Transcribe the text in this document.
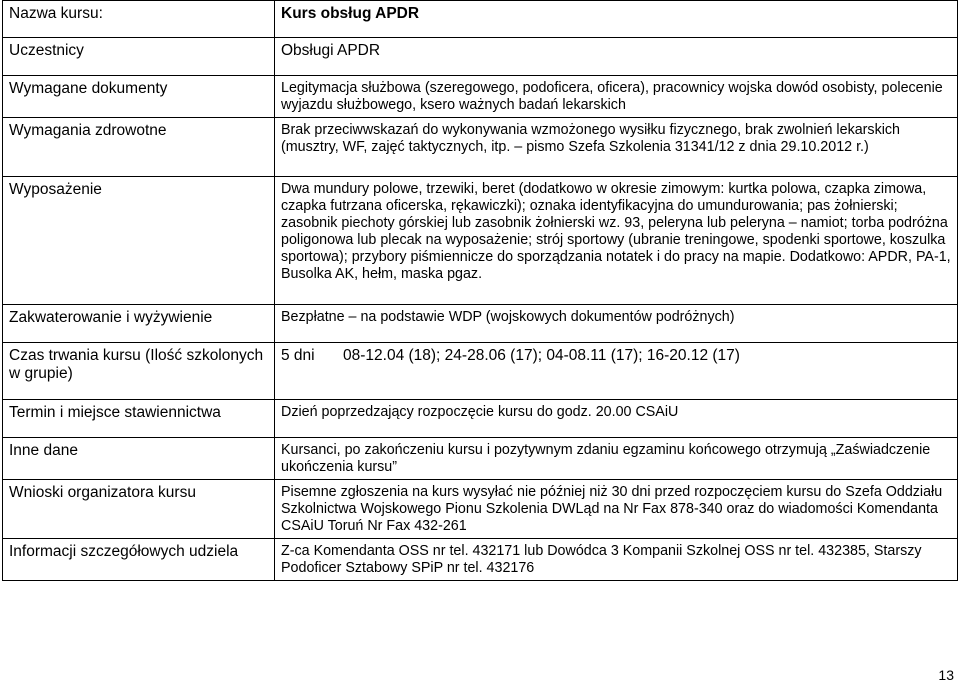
Nazwa kursu:	Kurs obsług APDR
Uczestnicy	Obsługi APDR
Wymagane dokumenty	Legitymacja służbowa (szeregowego, podoficera, oficera), pracownicy wojska dowód osobisty, polecenie wyjazdu służbowego, ksero ważnych badań lekarskich
Wymagania zdrowotne	Brak przeciwwskazań do wykonywania wzmożonego wysiłku fizycznego, brak zwolnień lekarskich (musztry, WF, zajęć taktycznych, itp. – pismo Szefa Szkolenia 31341/12 z dnia 29.10.2012 r.)
Wyposażenie	Dwa mundury polowe, trzewiki, beret (dodatkowo w okresie zimowym: kurtka polowa, czapka zimowa, czapka futrzana oficerska, rękawiczki); oznaka identyfikacyjna do umundurowania; pas żołnierski; zasobnik piechoty górskiej lub zasobnik żołnierski wz. 93, peleryna lub peleryna – namiot; torba podróżna poligonowa lub plecak na wyposażenie; strój sportowy (ubranie treningowe, spodenki sportowe, koszulka sportowa); przybory piśmiennicze do sporządzania notatek i do pracy na mapie. Dodatkowo: APDR, PA-1, Busolka AK, hełm, maska pgaz.
Zakwaterowanie i wyżywienie	Bezpłatne – na podstawie WDP (wojskowych dokumentów podróżnych)
Czas trwania kursu (Ilość szkolonych w grupie)	5 dni 08-12.04 (18); 24-28.06 (17); 04-08.11 (17); 16-20.12 (17)
Termin i miejsce stawiennictwa	Dzień poprzedzający rozpoczęcie kursu do godz. 20.00 CSAiU
Inne dane	Kursanci, po zakończeniu kursu i pozytywnym zdaniu egzaminu końcowego otrzymują „Zaświadczenie ukończenia kursu”
Wnioski organizatora kursu	Pisemne zgłoszenia na kurs wysyłać nie później niż 30 dni przed rozpoczęciem kursu do Szefa Oddziału Szkolnictwa Wojskowego Pionu Szkolenia DWLąd na Nr Fax 878-340 oraz do wiadomości Komendanta CSAiU Toruń Nr Fax 432-261
Informacji szczegółowych udziela	Z-ca Komendanta OSS nr tel. 432171 lub Dowódca 3 Kompanii Szkolnej OSS nr tel. 432385, Starszy Podoficer Sztabowy SPiP nr tel. 432176
13
